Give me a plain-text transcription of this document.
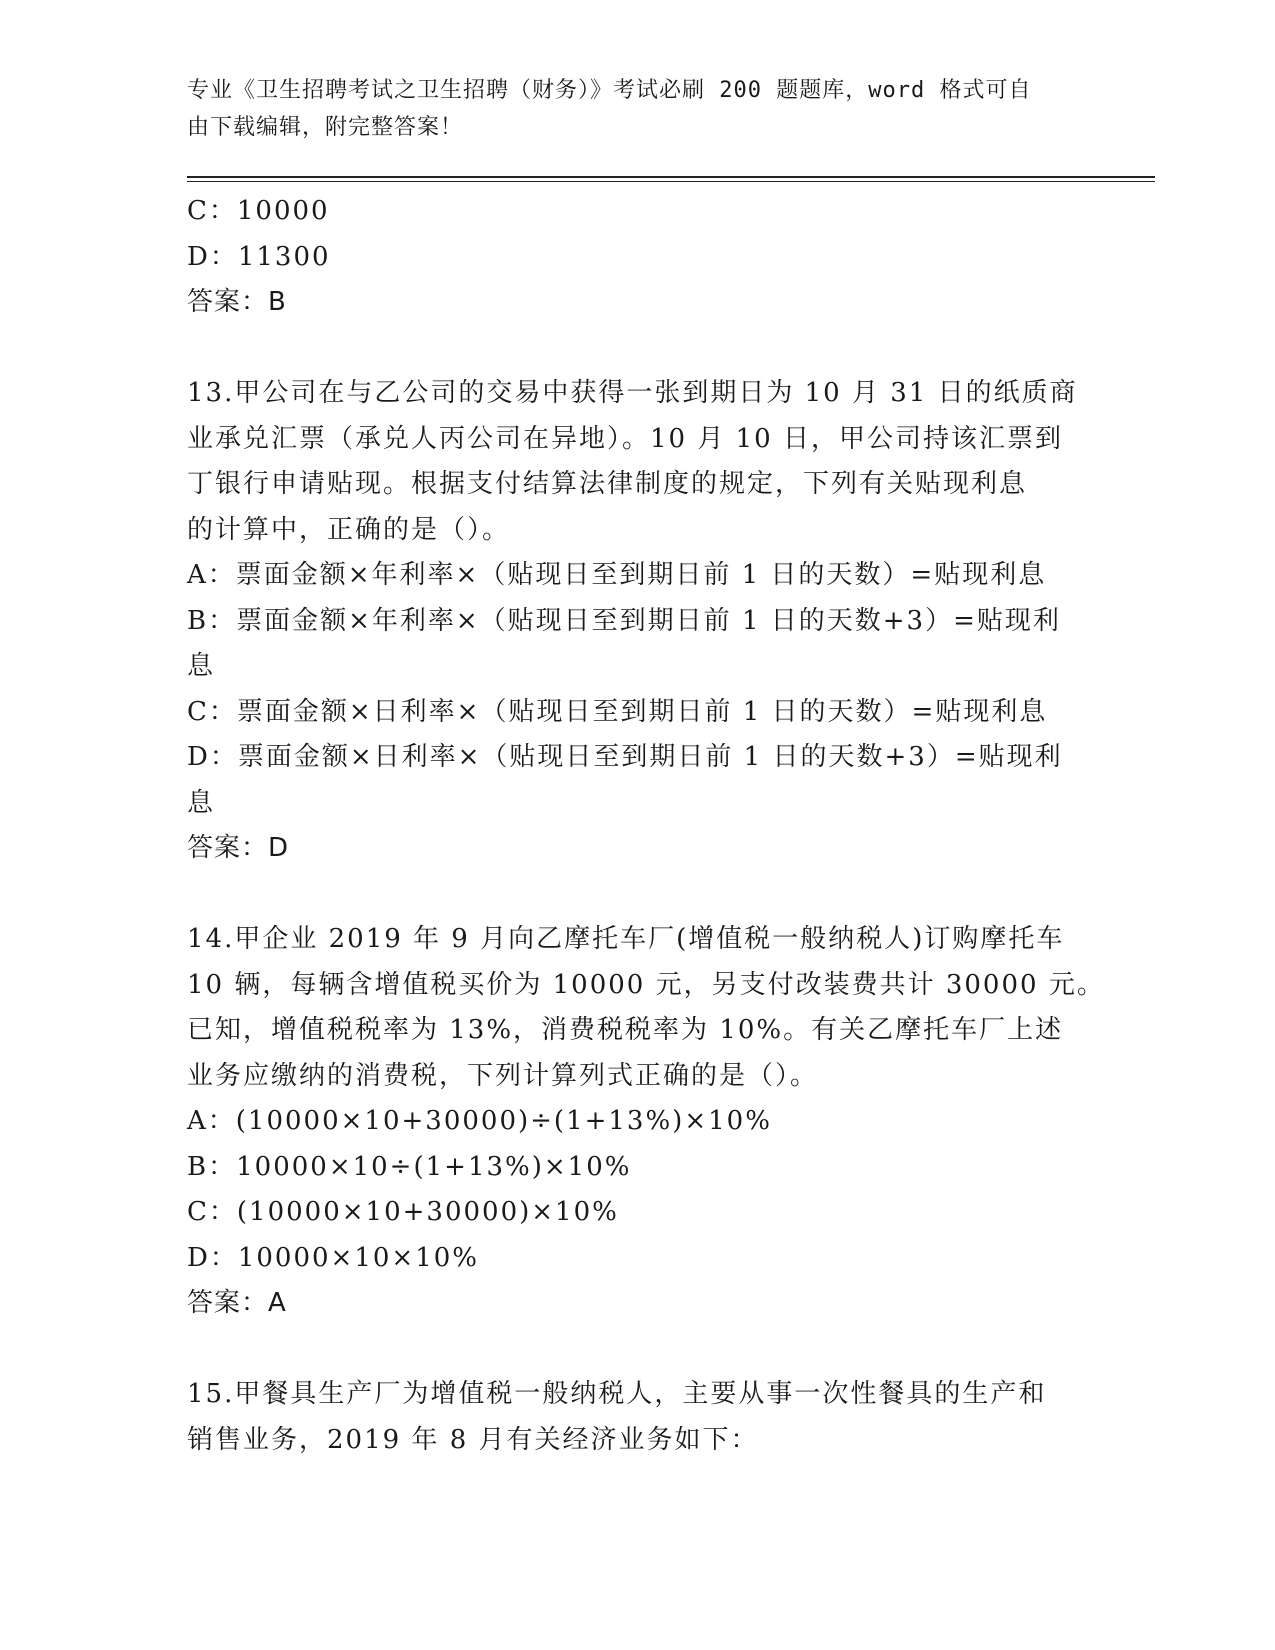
专业《卫生招聘考试之卫生招聘（财务）》考试必刷 200 题题库，word 格式可自
由下载编辑，附完整答案！
C：10000
D：11300
答案：B
13.甲公司在与乙公司的交易中获得一张到期日为 10 月 31 日的纸质商
业承兑汇票（承兑人丙公司在异地）。10 月 10 日，甲公司持该汇票到
丁银行申请贴现。根据支付结算法律制度的规定，下列有关贴现利息
的计算中，正确的是（）。
A：票面金额×年利率×（贴现日至到期日前 1 日的天数）=贴现利息
B：票面金额×年利率×（贴现日至到期日前 1 日的天数+3）=贴现利
息
C：票面金额×日利率×（贴现日至到期日前 1 日的天数）=贴现利息
D：票面金额×日利率×（贴现日至到期日前 1 日的天数+3）=贴现利
息
答案：D
14.甲企业 2019 年 9 月向乙摩托车厂(增值税一般纳税人)订购摩托车
10 辆，每辆含增值税买价为 10000 元，另支付改装费共计 30000 元。
已知，增值税税率为 13%，消费税税率为 10%。有关乙摩托车厂上述
业务应缴纳的消费税，下列计算列式正确的是（）。
A：(10000×10+30000)÷(1+13%)×10%
B：10000×10÷(1+13%)×10%
C：(10000×10+30000)×10%
D：10000×10×10%
答案：A
15.甲餐具生产厂为增值税一般纳税人，主要从事一次性餐具的生产和
销售业务，2019 年 8 月有关经济业务如下：
